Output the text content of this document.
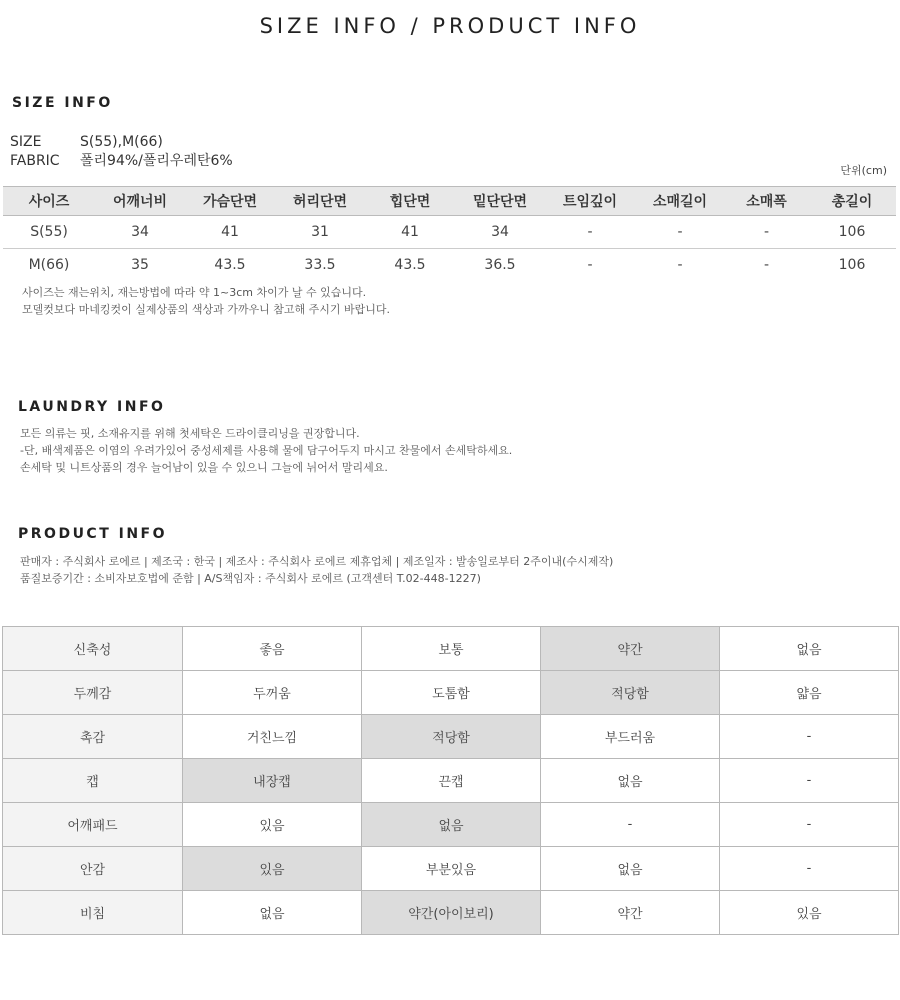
SIZE INFO / PRODUCT INFO
SIZE INFO
SIZE	S(55),M(66)
FABRIC 폴리94%/폴리우레탄6%
단위(cm)
사이즈	어깨너비	가슴단면	허리단면	힙단면	밑단단면	트임깊이	소매길이	소매폭	총길이
S(55)	34	41	31	41	34	-	-	-	106
M(66)	35	43.5	33.5	43.5	36.5	-	-	-	106
사이즈는 재는위치, 재는방법에 따라 약 1~3cm 차이가 날 수 있습니다.
모델컷보다 마네킹컷이 실제상품의 색상과 가까우니 참고해 주시기 바랍니다.
LAUNDRY INFO
모든 의류는 핏, 소재유지를 위해 첫세탁은 드라이클리닝을 권장합니다.
-단, 배색제품은 이염의 우려가있어 중성세제를 사용해 물에 담구어두지 마시고 찬물에서 손세탁하세요.
손세탁 및 니트상품의 경우 늘어남이 있을 수 있으니 그늘에 뉘어서 말리세요.
PRODUCT INFO
판매자 : 주식회사 로에르 | 제조국 : 한국 | 제조사 : 주식회사 로에르 제휴업체 | 제조일자 : 발송일로부터 2주이내(수시제작)
품질보증기간 : 소비자보호법에 준함 | A/S책임자 : 주식회사 로에르 (고객센터 T.02-448-1227)
신축성	좋음	보통	약간	없음
두께감	두꺼움	도톰함	적당함	얇음
촉감	거친느낌	적당함	부드러움	-
캡	내장캡	끈캡	없음	-
어깨패드	있음	없음	-	-
안감	있음	부분있음	없음	-
비침	없음	약간(아이보리)	약간	있음
